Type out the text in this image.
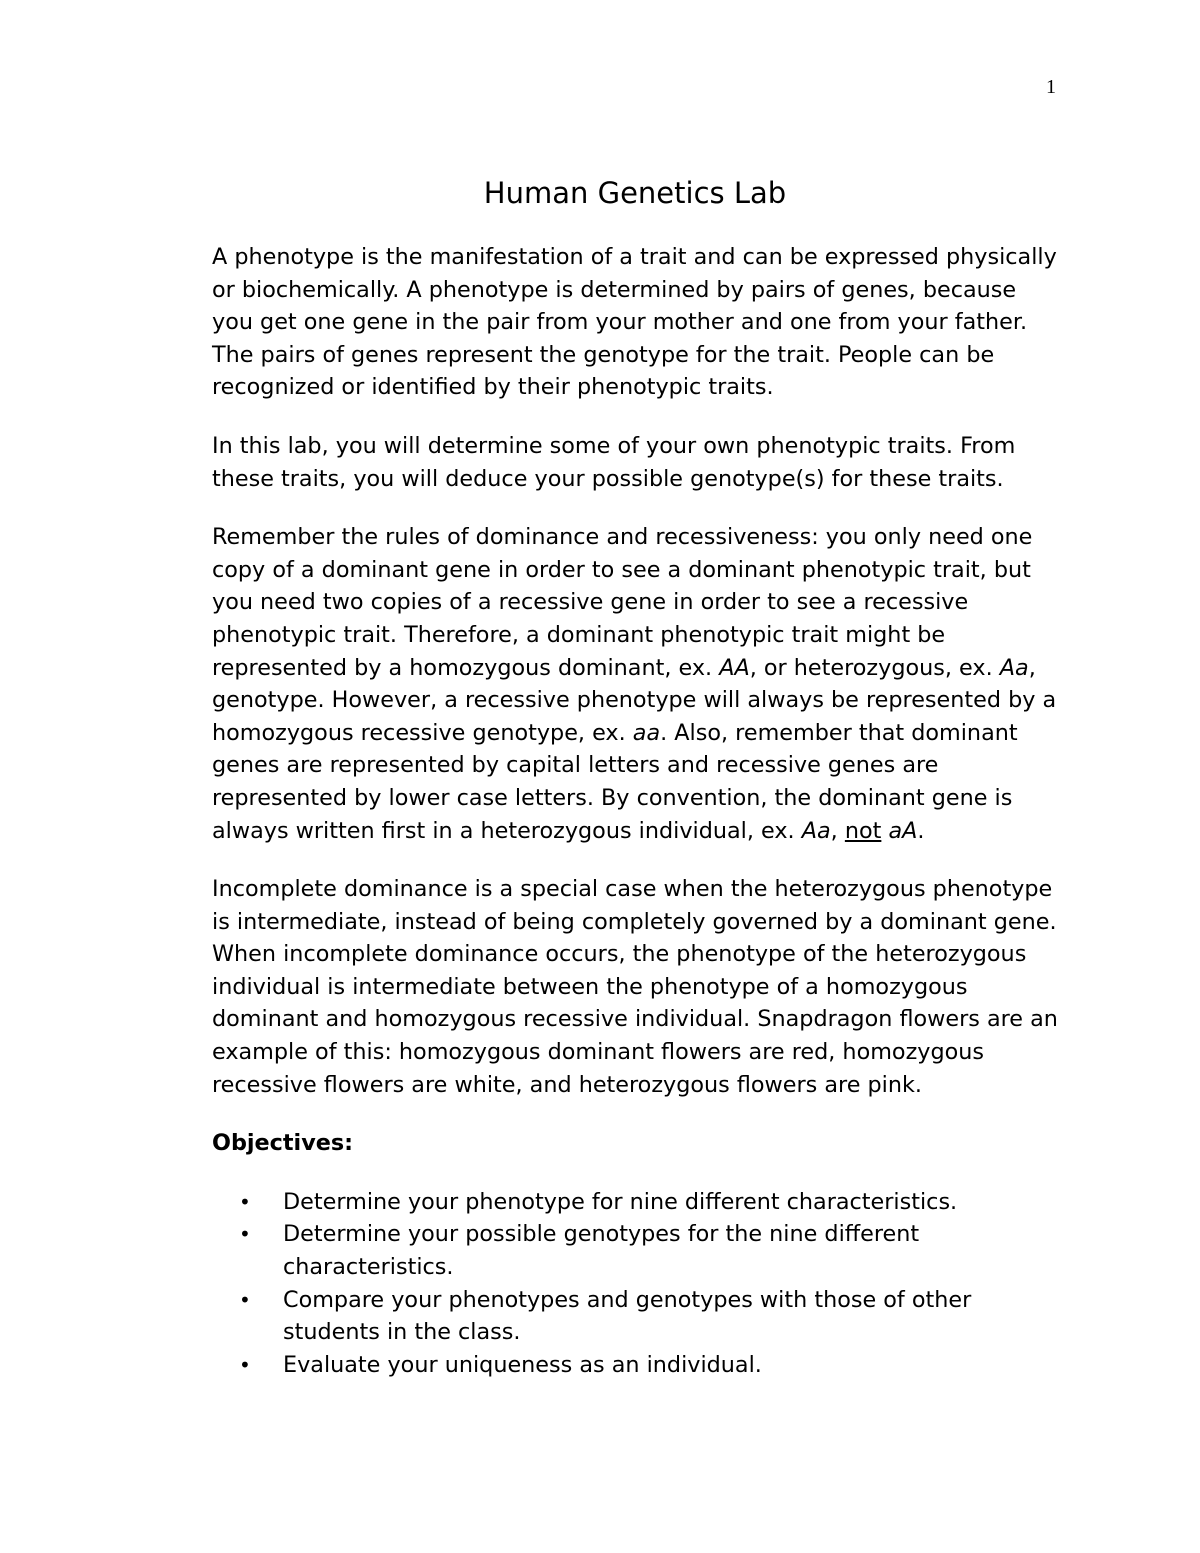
1
Human Genetics Lab

A phenotype is the manifestation of a trait and can be expressed physically or biochemically. A phenotype is determined by pairs of genes, because you get one gene in the pair from your mother and one from your father. The pairs of genes represent the genotype for the trait. People can be recognized or identified by their phenotypic traits.

In this lab, you will determine some of your own phenotypic traits. From these traits, you will deduce your possible genotype(s) for these traits.

Remember the rules of dominance and recessiveness: you only need one copy of a dominant gene in order to see a dominant phenotypic trait, but you need two copies of a recessive gene in order to see a recessive phenotypic trait. Therefore, a dominant phenotypic trait might be represented by a homozygous dominant, ex. AA, or heterozygous, ex. Aa, genotype. However, a recessive phenotype will always be represented by a homozygous recessive genotype, ex. aa. Also, remember that dominant genes are represented by capital letters and recessive genes are represented by lower case letters. By convention, the dominant gene is always written first in a heterozygous individual, ex. Aa, not aA.

Incomplete dominance is a special case when the heterozygous phenotype is intermediate, instead of being completely governed by a dominant gene. When incomplete dominance occurs, the phenotype of the heterozygous individual is intermediate between the phenotype of a homozygous dominant and homozygous recessive individual. Snapdragon flowers are an example of this: homozygous dominant flowers are red, homozygous recessive flowers are white, and heterozygous flowers are pink.

Objectives:
• Determine your phenotype for nine different characteristics.
• Determine your possible genotypes for the nine different characteristics.
• Compare your phenotypes and genotypes with those of other students in the class.
• Evaluate your uniqueness as an individual.
